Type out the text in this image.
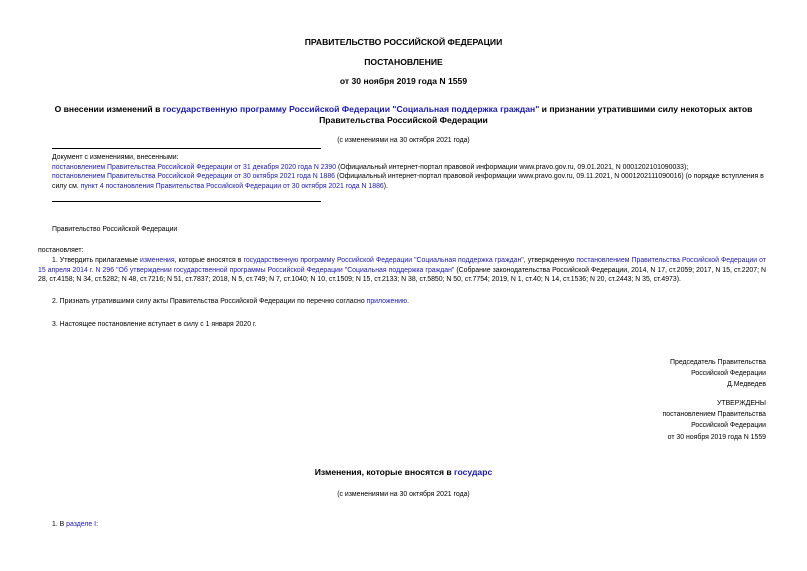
ПРАВИТЕЛЬСТВО РОССИЙСКОЙ ФЕДЕРАЦИИ
ПОСТАНОВЛЕНИЕ
от 30 ноября 2019 года N 1559
О внесении изменений в государственную программу Российской Федерации "Социальная поддержка граждан" и признании утратившими силу некоторых актов
Правительства Российской Федерации
(с изменениями на 30 октября 2021 года)

Документ с изменениями, внесенными:

постановлением Правительства Российской Федерации от 31 декабря 2020 года N 2390 (Официальный интернет-портал правовой информации www.pravo.gov.ru, 09.01.2021, N 0001202101090033);

постановлением Правительства Российской Федерации от 30 октября 2021 года N 1886 (Официальный интернет-портал правовой информации www.pravo.gov.ru, 09.11.2021, N 0001202111090016) (о порядке вступления в силу см. пункт 4 постановления Правительства Российской Федерации от 30 октября 2021 года N 1886).

Правительство Российской Федерации
постановляет:
1. Утвердить прилагаемые изменения, которые вносятся в государственную программу Российской Федерации "Социальная поддержка граждан", утвержденную постановлением Правительства Российской Федерации от 15 апреля 2014 г. N 296 "Об утверждении государственной программы Российской Федерации "Социальная поддержка граждан" (Собрание законодательства Российской Федерации, 2014, N 17, ст.2059; 2017, N 15, ст.2207; N 28, ст.4158; N 34, ст.5282; N 48, ст.7216; N 51, ст.7837; 2018, N 5, ст.749; N 7, ст.1040; N 10, ст.1509; N 15, ст.2133; N 38, ст.5850; N 50, ст.7754; 2019, N 1, ст.40; N 14, ст.1536; N 20, ст.2443; N 35, ст.4973).
2. Признать утратившими силу акты Правительства Российской Федерации по перечню согласно приложению.
3. Настоящее постановление вступает в силу с 1 января 2020 г.
Председатель Правительства
Российской Федерации
Д.Медведев
УТВЕРЖДЕНЫ
постановлением Правительства
Российской Федерации
от 30 ноября 2019 года N 1559
Изменения, которые вносятся в государс
(с изменениями на 30 октября 2021 года)
1. В разделе I:
